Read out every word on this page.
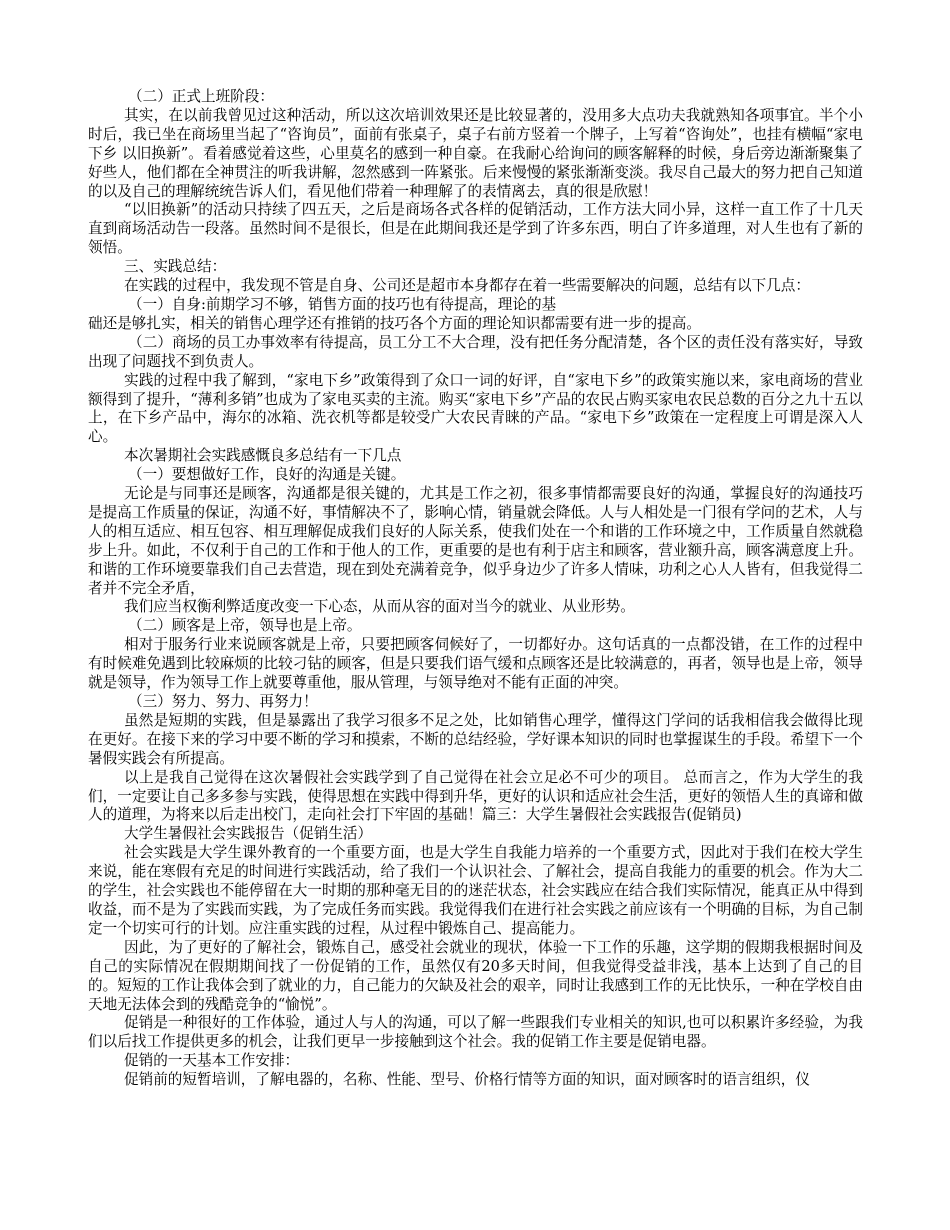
（二）正式上班阶段：

其实，在以前我曾见过这种活动，所以这次培训效果还是比较显著的，没用多大点功夫我就熟知各项事宜。半个小时后，我已坐在商场里当起了“咨询员”，面前有张桌子，桌子右前方竖着一个牌子，上写着“咨询处”，也挂有横幅“家电下乡 以旧换新”。看着感觉着这些，心里莫名的感到一种自豪。在我耐心给询问的顾客解释的时候，身后旁边渐渐聚集了好些人，他们都在全神贯注的听我讲解，忽然感到一阵紧张。后来慢慢的紧张渐渐变淡。我尽自己最大的努力把自己知道的以及自己的理解统统告诉人们，看见他们带着一种理解了的表情离去，真的很是欣慰！

“以旧换新”的活动只持续了四五天，之后是商场各式各样的促销活动，工作方法大同小异，这样一直工作了十几天直到商场活动告一段落。虽然时间不是很长，但是在此期间我还是学到了许多东西，明白了许多道理，对人生也有了新的领悟。

三、实践总结：

在实践的过程中，我发现不管是自身、公司还是超市本身都存在着一些需要解决的问题，总结有以下几点：

（一）自身:前期学习不够，销售方面的技巧也有待提高，理论的基

础还是够扎实，相关的销售心理学还有推销的技巧各个方面的理论知识都需要有进一步的提高。

（二）商场的员工办事效率有待提高，员工分工不大合理，没有把任务分配清楚，各个区的责任没有落实好，导致出现了问题找不到负责人。

实践的过程中我了解到，“家电下乡”政策得到了众口一词的好评，自“家电下乡”的政策实施以来，家电商场的营业额得到了提升，“薄利多销”也成为了家电买卖的主流。购买“家电下乡”产品的农民占购买家电农民总数的百分之九十五以上，在下乡产品中，海尔的冰箱、洗衣机等都是较受广大农民青睐的产品。“家电下乡”政策在一定程度上可谓是深入人心。

本次暑期社会实践感慨良多总结有一下几点

（一）要想做好工作，良好的沟通是关键。

无论是与同事还是顾客，沟通都是很关键的，尤其是工作之初，很多事情都需要良好的沟通，掌握良好的沟通技巧是提高工作质量的保证，沟通不好，事情解决不了，影响心情，销量就会降低。人与人相处是一门很有学问的艺术，人与人的相互适应、相互包容、相互理解促成我们良好的人际关系，使我们处在一个和谐的工作环境之中，工作质量自然就稳步上升。如此，不仅利于自己的工作和于他人的工作，更重要的是也有利于店主和顾客，营业额升高，顾客满意度上升。和谐的工作环境要靠我们自己去营造，现在到处充满着竞争，似乎身边少了许多人情味，功利之心人人皆有，但我觉得二者并不完全矛盾，

我们应当权衡利弊适度改变一下心态，从而从容的面对当今的就业、从业形势。

（二）顾客是上帝，领导也是上帝。

相对于服务行业来说顾客就是上帝，只要把顾客伺候好了，一切都好办。这句话真的一点都没错，在工作的过程中有时候难免遇到比较麻烦的比较刁钻的顾客，但是只要我们语气缓和点顾客还是比较满意的，再者，领导也是上帝，领导就是领导，作为领导工作上就要尊重他，服从管理，与领导绝对不能有正面的冲突。

（三）努力、努力、再努力！

虽然是短期的实践，但是暴露出了我学习很多不足之处，比如销售心理学，懂得这门学问的话我相信我会做得比现在更好。在接下来的学习中要不断的学习和摸索，不断的总结经验，学好课本知识的同时也掌握谋生的手段。希望下一个暑假实践会有所提高。

以上是我自己觉得在这次暑假社会实践学到了自己觉得在社会立足必不可少的项目。 总而言之，作为大学生的我们，一定要让自己多多参与实践，使得思想在实践中得到升华，更好的认识和适应社会生活，更好的领悟人生的真谛和做人的道理，为将来以后走出校门，走向社会打下牢固的基础！篇三：大学生暑假社会实践报告(促销员)

大学生暑假社会实践报告（促销生活）

社会实践是大学生课外教育的一个重要方面，也是大学生自我能力培养的一个重要方式，因此对于我们在校大学生来说，能在寒假有充足的时间进行实践活动，给了我们一个认识社会、了解社会，提高自我能力的重要的机会。作为大二的学生，社会实践也不能停留在大一时期的那种毫无目的的迷茫状态，社会实践应在结合我们实际情况，能真正从中得到收益，而不是为了实践而实践，为了完成任务而实践。我觉得我们在进行社会实践之前应该有一个明确的目标，为自己制定一个切实可行的计划。应注重实践的过程，从过程中锻炼自己、提高能力。

因此，为了更好的了解社会，锻炼自己，感受社会就业的现状，体验一下工作的乐趣，这学期的假期我根据时间及自己的实际情况在假期期间找了一份促销的工作，虽然仅有20多天时间，但我觉得受益非浅，基本上达到了自己的目的。短短的工作让我体会到了就业的力，自己能力的欠缺及社会的艰辛，同时让我感到工作的无比快乐，一种在学校自由天地无法体会到的残酷竞争的“愉悦”。

促销是一种很好的工作体验，通过人与人的沟通，可以了解一些跟我们专业相关的知识,也可以积累许多经验，为我们以后找工作提供更多的机会，让我们更早一步接触到这个社会。我的促销工作主要是促销电器。

促销的一天基本工作安排：

促销前的短暂培训，了解电器的，名称、性能、型号、价格行情等方面的知识，面对顾客时的语言组织，仪
